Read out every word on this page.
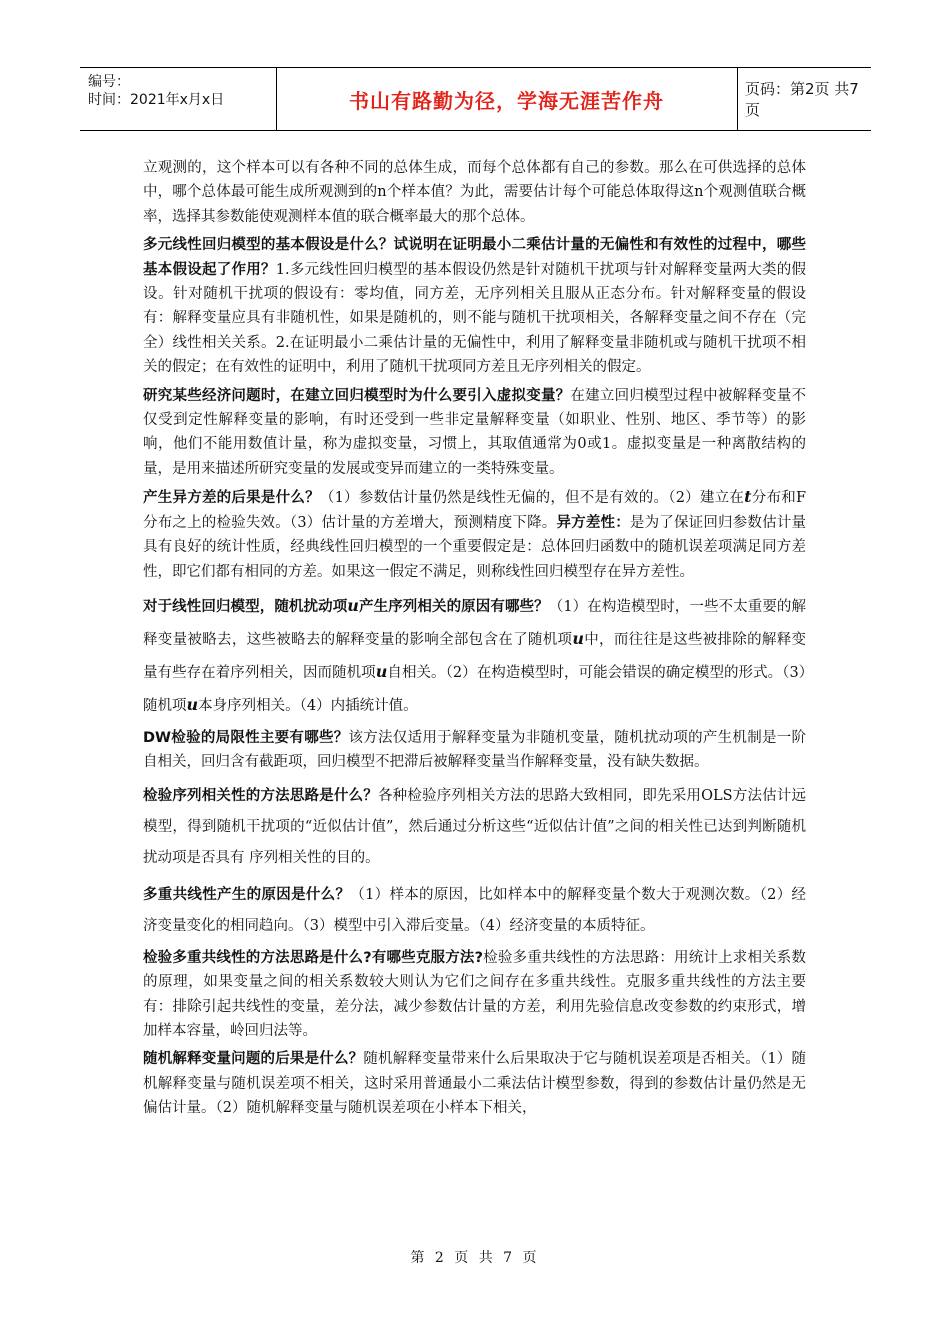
编号：
时间：2021年x月x日	书山有路勤为径，学海无涯苦作舟	页码：第2页 共7页

立观测的，这个样本可以有各种不同的总体生成，而每个总体都有自己的参数。那么在可供选择的总体中，哪个总体最可能生成所观测到的n个样本值？为此，需要估计每个可能总体取得这n个观测值联合概率，选择其参数能使观测样本值的联合概率最大的那个总体。

多元线性回归模型的基本假设是什么？试说明在证明最小二乘估计量的无偏性和有效性的过程中，哪些基本假设起了作用？1.多元线性回归模型的基本假设仍然是针对随机干扰项与针对解释变量两大类的假设。针对随机干扰项的假设有：零均值，同方差，无序列相关且服从正态分布。针对解释变量的假设有：解释变量应具有非随机性，如果是随机的，则不能与随机干扰项相关，各解释变量之间不存在（完全）线性相关关系。2.在证明最小二乘估计量的无偏性中，利用了解释变量非随机或与随机干扰项不相关的假定；在有效性的证明中，利用了随机干扰项同方差且无序列相关的假定。

研究某些经济问题时，在建立回归模型时为什么要引入虚拟变量？在建立回归模型过程中被解释变量不仅受到定性解释变量的影响，有时还受到一些非定量解释变量（如职业、性别、地区、季节等）的影响，他们不能用数值计量，称为虚拟变量，习惯上，其取值通常为0或1。虚拟变量是一种离散结构的量，是用来描述所研究变量的发展或变异而建立的一类特殊变量。

产生异方差的后果是什么？（1）参数估计量仍然是线性无偏的，但不是有效的。（2）建立在t分布和F分布之上的检验失效。（3）估计量的方差增大，预测精度下降。异方差性：是为了保证回归参数估计量具有良好的统计性质，经典线性回归模型的一个重要假定是：总体回归函数中的随机误差项满足同方差性，即它们都有相同的方差。如果这一假定不满足，则称线性回归模型存在异方差性。

对于线性回归模型，随机扰动项u产生序列相关的原因有哪些？（1）在构造模型时，一些不太重要的解释变量被略去，这些被略去的解释变量的影响全部包含在了随机项u中，而往往是这些被排除的解释变量有些存在着序列相关，因而随机项u自相关。（2）在构造模型时，可能会错误的确定模型的形式。（3）随机项u本身序列相关。（4）内插统计值。

DW检验的局限性主要有哪些？该方法仅适用于解释变量为非随机变量，随机扰动项的产生机制是一阶自相关，回归含有截距项，回归模型不把滞后被解释变量当作解释变量，没有缺失数据。

检验序列相关性的方法思路是什么？各种检验序列相关方法的思路大致相同，即先采用OLS方法估计远模型，得到随机干扰项的“近似估计值”，然后通过分析这些“近似估计值”之间的相关性已达到判断随机扰动项是否具有 序列相关性的目的。

多重共线性产生的原因是什么？（1）样本的原因，比如样本中的解释变量个数大于观测次数。（2）经济变量变化的相同趋向。（3）模型中引入滞后变量。（4）经济变量的本质特征。

检验多重共线性的方法思路是什么?有哪些克服方法?检验多重共线性的方法思路：用统计上求相关系数的原理，如果变量之间的相关系数较大则认为它们之间存在多重共线性。克服多重共线性的方法主要有：排除引起共线性的变量，差分法，减少参数估计量的方差，利用先验信息改变参数的约束形式，增加样本容量，岭回归法等。

随机解释变量问题的后果是什么？随机解释变量带来什么后果取决于它与随机误差项是否相关。（1）随机解释变量与随机误差项不相关，这时采用普通最小二乘法估计模型参数，得到的参数估计量仍然是无偏估计量。（2）随机解释变量与随机误差项在小样本下相关，

第 2 页 共 7 页
